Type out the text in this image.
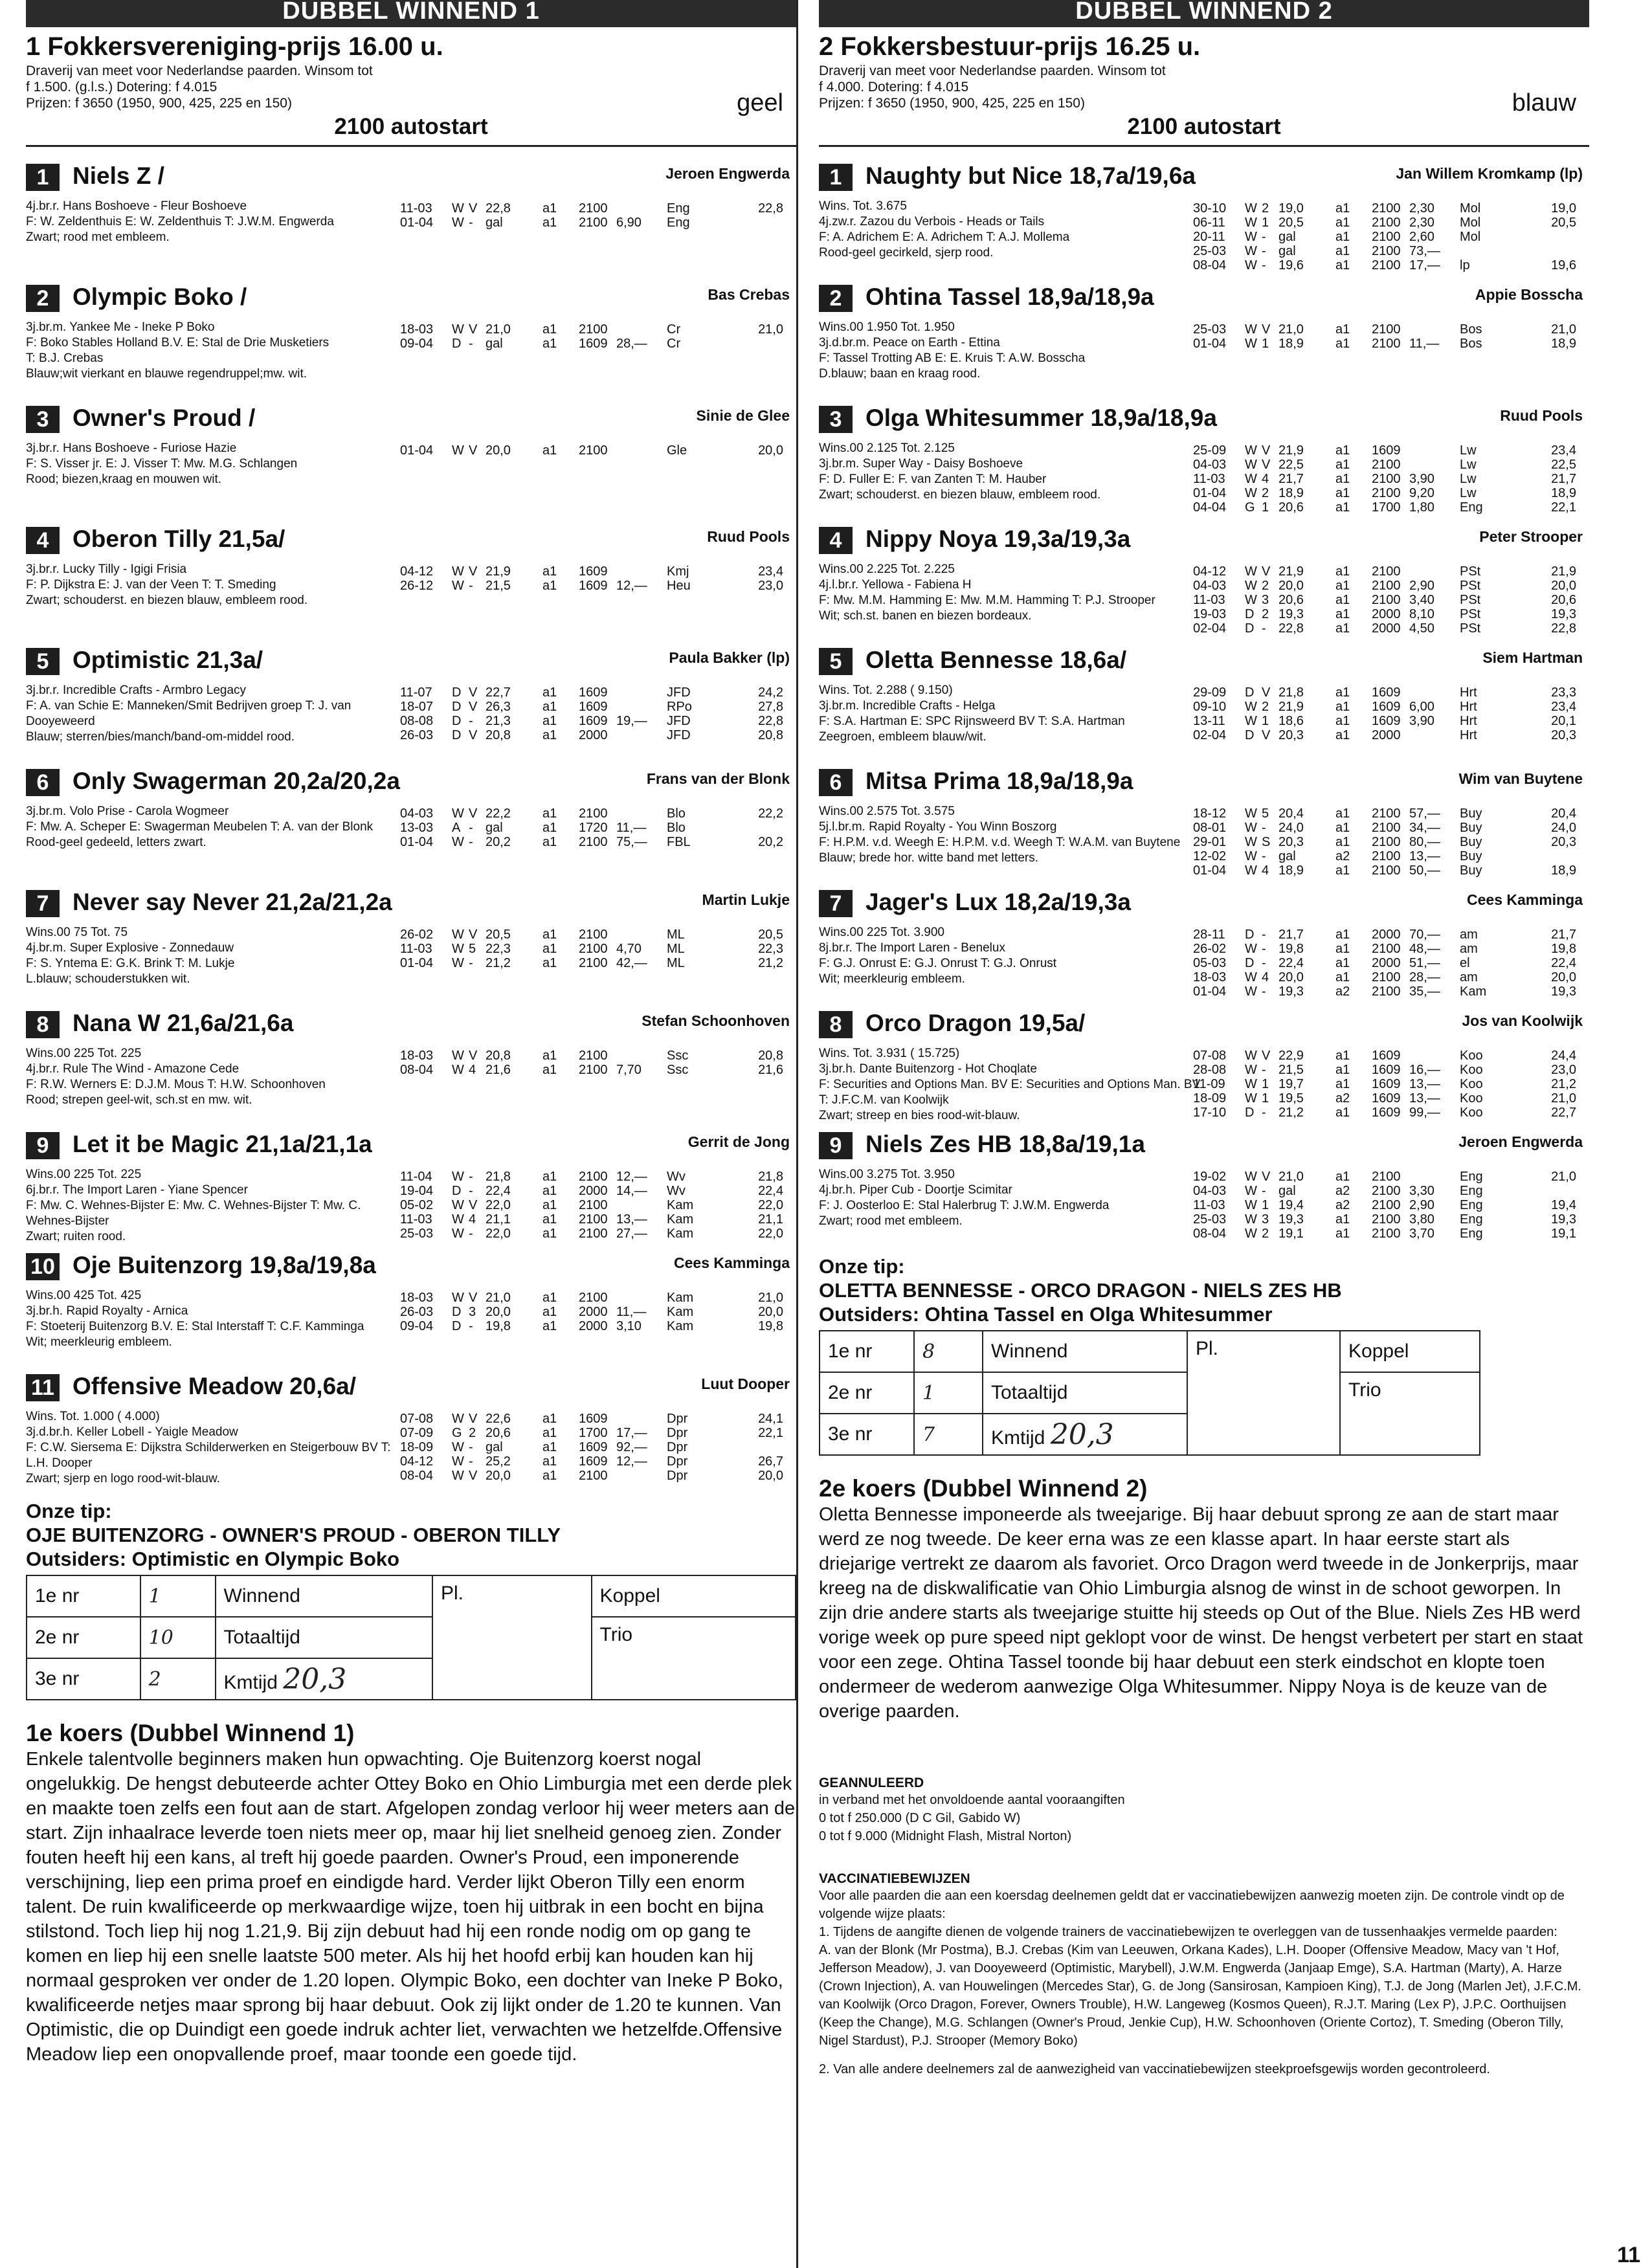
DUBBEL WINNEND 1
1 Fokkersvereniging-prijs 16.00 u.
Draverij van meet voor Nederlandse paarden. Winsom tot
f 1.500. (g.l.s.) Dotering: f 4.015
Prijzen: f 3650 (1950, 900, 425, 225 en 150)	geel
2100 autostart
1 Niels Z /	Jeroen Engwerda
4j.br.r. Hans Boshoeve - Fleur Boshoeve
F: W. Zeldenthuis E: W. Zeldenthuis T: J.W.M. Engwerda
Zwart; rood met embleem.
11-03	W	V	22,8	a1	2100		Eng	22,8
01-04	W	-	gal	a1	2100	6,90	Eng	
2 Olympic Boko /	Bas Crebas
3j.br.m. Yankee Me - Ineke P Boko
F: Boko Stables Holland B.V. E: Stal de Drie Musketiers
T: B.J. Crebas
Blauw;wit vierkant en blauwe regendruppel;mw. wit.
18-03	W	V	21,0	a1	2100		Cr	21,0
09-04	D	-	gal	a1	1609	28,—	Cr	
3 Owner's Proud /	Sinie de Glee
3j.br.r. Hans Boshoeve - Furiose Hazie
F: S. Visser jr. E: J. Visser T: Mw. M.G. Schlangen
Rood; biezen,kraag en mouwen wit.
01-04	W	V	20,0	a1	2100		Gle	20,0
4 Oberon Tilly 21,5a/	Ruud Pools
3j.br.r. Lucky Tilly - Igigi Frisia
F: P. Dijkstra E: J. van der Veen T: T. Smeding
Zwart; schouderst. en biezen blauw, embleem rood.
04-12	W	V	21,9	a1	1609		Kmj	23,4
26-12	W	-	21,5	a1	1609	12,—	Heu	23,0
5 Optimistic 21,3a/	Paula Bakker (lp)
3j.br.r. Incredible Crafts - Armbro Legacy
F: A. van Schie E: Manneken/Smit Bedrijven groep T: J. van Dooyeweerd
Blauw; sterren/bies/manch/band-om-middel rood.
11-07	D	V	22,7	a1	1609		JFD	24,2
18-07	D	V	26,3	a1	1609		RPo	27,8
08-08	D	-	21,3	a1	1609	19,—	JFD	22,8
26-03	D	V	20,8	a1	2000		JFD	20,8
6 Only Swagerman 20,2a/20,2a	Frans van der Blonk
3j.br.m. Volo Prise - Carola Wogmeer
F: Mw. A. Scheper E: Swagerman Meubelen T: A. van der Blonk
Rood-geel gedeeld, letters zwart.
04-03	W	V	22,2	a1	2100		Blo	22,2
13-03	A	-	gal	a1	1720	11,—	Blo	
01-04	W	-	20,2	a1	2100	75,—	FBL	20,2
7 Never say Never 21,2a/21,2a	Martin Lukje
Wins.00 75 Tot. 75
4j.br.m. Super Explosive - Zonnedauw
F: S. Yntema E: G.K. Brink T: M. Lukje
L.blauw; schouderstukken wit.
26-02	W	V	20,5	a1	2100		ML	20,5
11-03	W	5	22,3	a1	2100	4,70	ML	22,3
01-04	W	-	21,2	a1	2100	42,—	ML	21,2
8 Nana W 21,6a/21,6a	Stefan Schoonhoven
Wins.00 225 Tot. 225
4j.br.r. Rule The Wind - Amazone Cede
F: R.W. Werners E: D.J.M. Mous T: H.W. Schoonhoven
Rood; strepen geel-wit, sch.st en mw. wit.
18-03	W	V	20,8	a1	2100		Ssc	20,8
08-04	W	4	21,6	a1	2100	7,70	Ssc	21,6
9 Let it be Magic 21,1a/21,1a	Gerrit de Jong
Wins.00 225 Tot. 225
6j.br.r. The Import Laren - Yiane Spencer
F: Mw. C. Wehnes-Bijster E: Mw. C. Wehnes-Bijster T: Mw. C. Wehnes-Bijster
Zwart; ruiten rood.
11-04	W	-	21,8	a1	2100	12,—	Wv	21,8
19-04	D	-	22,4	a1	2000	14,—	Wv	22,4
05-02	W	V	22,0	a1	2100		Kam	22,0
11-03	W	4	21,1	a1	2100	13,—	Kam	21,1
25-03	W	-	22,0	a1	2100	27,—	Kam	22,0
10 Oje Buitenzorg 19,8a/19,8a	Cees Kamminga
Wins.00 425 Tot. 425
3j.br.h. Rapid Royalty - Arnica
F: Stoeterij Buitenzorg B.V. E: Stal Interstaff T: C.F. Kamminga
Wit; meerkleurig embleem.
18-03	W	V	21,0	a1	2100		Kam	21,0
26-03	D	3	20,0	a1	2000	11,—	Kam	20,0
09-04	D	-	19,8	a1	2000	3,10	Kam	19,8
11 Offensive Meadow 20,6a/	Luut Dooper
Wins. Tot. 1.000 ( 4.000)
3j.d.br.h. Keller Lobell - Yaigle Meadow
F: C.W. Siersema E: Dijkstra Schilderwerken en Steigerbouw BV T: L.H. Dooper
Zwart; sjerp en logo rood-wit-blauw.
07-08	W	V	22,6	a1	1609		Dpr	24,1
07-09	G	2	20,6	a1	1700	17,—	Dpr	22,1
18-09	W	-	gal	a1	1609	92,—	Dpr	
04-12	W	-	25,2	a1	1609	12,—	Dpr	26,7
08-04	W	V	20,0	a1	2100		Dpr	20,0
Onze tip:
OJE BUITENZORG - OWNER'S PROUD - OBERON TILLY
Outsiders: Optimistic en Olympic Boko
1e nr	1	Winnend	Pl.	Koppel
2e nr	10	Totaaltijd		Trio
3e nr	2	Kmtijd 20,3		
1e koers (Dubbel Winnend 1)
Enkele talentvolle beginners maken hun opwachting. Oje Buitenzorg koerst nogal ongelukkig. De hengst debuteerde achter Ottey Boko en Ohio Limburgia met een derde plek en maakte toen zelfs een fout aan de start. Afgelopen zondag verloor hij weer meters aan de start. Zijn inhaalrace leverde toen niets meer op, maar hij liet snelheid genoeg zien. Zonder fouten heeft hij een kans, al treft hij goede paarden. Owner's Proud, een imponerende verschijning, liep een prima proef en eindigde hard. Verder lijkt Oberon Tilly een enorm talent. De ruin kwalificeerde op merkwaardige wijze, toen hij uitbrak in een bocht en bijna stilstond. Toch liep hij nog 1.21,9. Bij zijn debuut had hij een ronde nodig om op gang te komen en liep hij een snelle laatste 500 meter. Als hij het hoofd erbij kan houden kan hij normaal gesproken ver onder de 1.20 lopen. Olympic Boko, een dochter van Ineke P Boko, kwalificeerde netjes maar sprong bij haar debuut. Ook zij lijkt onder de 1.20 te kunnen. Van Optimistic, die op Duindigt een goede indruk achter liet, verwachten we hetzelfde.Offensive Meadow liep een onopvallende proef, maar toonde een goede tijd.
DUBBEL WINNEND 2
2 Fokkersbestuur-prijs 16.25 u.
Draverij van meet voor Nederlandse paarden. Winsom tot
f 4.000. Dotering: f 4.015
Prijzen: f 3650 (1950, 900, 425, 225 en 150)	blauw
2100 autostart
1 Naughty but Nice 18,7a/19,6a	Jan Willem Kromkamp (lp)
Wins. Tot. 3.675
4j.zw.r. Zazou du Verbois - Heads or Tails
F: A. Adrichem E: A. Adrichem T: A.J. Mollema
Rood-geel gecirkeld, sjerp rood.
30-10	W	2	19,0	a1	2100	2,30	Mol	19,0
06-11	W	1	20,5	a1	2100	2,30	Mol	20,5
20-11	W	-	gal	a1	2100	2,60	Mol	
25-03	W	-	gal	a1	2100	73,—		
08-04	W	-	19,6	a1	2100	17,—	lp	19,6
2 Ohtina Tassel 18,9a/18,9a	Appie Bosscha
Wins.00 1.950 Tot. 1.950
3j.d.br.m. Peace on Earth - Ettina
F: Tassel Trotting AB E: E. Kruis T: A.W. Bosscha
D.blauw; baan en kraag rood.
25-03	W	V	21,0	a1	2100		Bos	21,0
01-04	W	1	18,9	a1	2100	11,—	Bos	18,9
3 Olga Whitesummer 18,9a/18,9a	Ruud Pools
Wins.00 2.125 Tot. 2.125
3j.br.m. Super Way - Daisy Boshoeve
F: D. Fuller E: F. van Zanten T: M. Hauber
Zwart; schouderst. en biezen blauw, embleem rood.
25-09	W	V	21,9	a1	1609		Lw	23,4
04-03	W	V	22,5	a1	2100		Lw	22,5
11-03	W	4	21,7	a1	2100	3,90	Lw	21,7
01-04	W	2	18,9	a1	2100	9,20	Lw	18,9
04-04	G	1	20,6	a1	1700	1,80	Eng	22,1
4 Nippy Noya 19,3a/19,3a	Peter Strooper
Wins.00 2.225 Tot. 2.225
4j.l.br.r. Yellowa - Fabiena H
F: Mw. M.M. Hamming E: Mw. M.M. Hamming T: P.J. Strooper
Wit; sch.st. banen en biezen bordeaux.
04-12	W	V	21,9	a1	2100		PSt	21,9
04-03	W	2	20,0	a1	2100	2,90	PSt	20,0
11-03	W	3	20,6	a1	2100	3,40	PSt	20,6
19-03	D	2	19,3	a1	2000	8,10	PSt	19,3
02-04	D	-	22,8	a1	2000	4,50	PSt	22,8
5 Oletta Bennesse 18,6a/	Siem Hartman
Wins. Tot. 2.288 ( 9.150)
3j.br.m. Incredible Crafts - Helga
F: S.A. Hartman E: SPC Rijnsweerd BV T: S.A. Hartman
Zeegroen, embleem blauw/wit.
29-09	D	V	21,8	a1	1609		Hrt	23,3
09-10	W	2	21,9	a1	1609	6,00	Hrt	23,4
13-11	W	1	18,6	a1	1609	3,90	Hrt	20,1
02-04	D	V	20,3	a1	2000		Hrt	20,3
6 Mitsa Prima 18,9a/18,9a	Wim van Buytene
Wins.00 2.575 Tot. 3.575
5j.l.br.m. Rapid Royalty - You Winn Boszorg
F: H.P.M. v.d. Weegh E: H.P.M. v.d. Weegh T: W.A.M. van Buytene
Blauw; brede hor. witte band met letters.
18-12	W	5	20,4	a1	2100	57,—	Buy	20,4
08-01	W	-	24,0	a1	2100	34,—	Buy	24,0
29-01	W	S	20,3	a1	2100	80,—	Buy	20,3
12-02	W	-	gal	a2	2100	13,—	Buy	
01-04	W	4	18,9	a1	2100	50,—	Buy	18,9
7 Jager's Lux 18,2a/19,3a	Cees Kamminga
Wins.00 225 Tot. 3.900
8j.br.r. The Import Laren - Benelux
F: G.J. Onrust E: G.J. Onrust T: G.J. Onrust
Wit; meerkleurig embleem.
28-11	D	-	21,7	a1	2000	70,—	am	21,7
26-02	W	-	19,8	a1	2100	48,—	am	19,8
05-03	D	-	22,4	a1	2000	51,—	el	22,4
18-03	W	4	20,0	a1	2100	28,—	am	20,0
01-04	W	-	19,3	a2	2100	35,—	Kam	19,3
8 Orco Dragon 19,5a/	Jos van Koolwijk
Wins. Tot. 3.931 ( 15.725)
3j.br.h. Dante Buitenzorg - Hot Choqlate
F: Securities and Options Man. BV E: Securities and Options Man. BV T: J.F.C.M. van Koolwijk
Zwart; streep en bies rood-wit-blauw.
07-08	W	V	22,9	a1	1609		Koo	24,4
28-08	W	-	21,5	a1	1609	16,—	Koo	23,0
11-09	W	1	19,7	a1	1609	13,—	Koo	21,2
18-09	W	1	19,5	a2	1609	13,—	Koo	21,0
17-10	D	-	21,2	a1	1609	99,—	Koo	22,7
9 Niels Zes HB 18,8a/19,1a	Jeroen Engwerda
Wins.00 3.275 Tot. 3.950
4j.br.h. Piper Cub - Doortje Scimitar
F: J. Oosterloo E: Stal Halerbrug T: J.W.M. Engwerda
Zwart; rood met embleem.
19-02	W	V	21,0	a1	2100		Eng	21,0
04-03	W	-	gal	a2	2100	3,30	Eng	
11-03	W	1	19,4	a2	2100	2,90	Eng	19,4
25-03	W	3	19,3	a1	2100	3,80	Eng	19,3
08-04	W	2	19,1	a1	2100	3,70	Eng	19,1
Onze tip:
OLETTA BENNESSE - ORCO DRAGON - NIELS ZES HB
Outsiders: Ohtina Tassel en Olga Whitesummer
1e nr	8	Winnend	Pl.	Koppel
2e nr	1	Totaaltijd		Trio
3e nr	7	Kmtijd 20,3		
2e koers (Dubbel Winnend 2)
Oletta Bennesse imponeerde als tweejarige. Bij haar debuut sprong ze aan de start maar werd ze nog tweede. De keer erna was ze een klasse apart. In haar eerste start als driejarige vertrekt ze daarom als favoriet. Orco Dragon werd tweede in de Jonkerprijs, maar kreeg na de diskwalificatie van Ohio Limburgia alsnog de winst in de schoot geworpen. In zijn drie andere starts als tweejarige stuitte hij steeds op Out of the Blue. Niels Zes HB werd vorige week op pure speed nipt geklopt voor de winst. De hengst verbetert per start en staat voor een zege. Ohtina Tassel toonde bij haar debuut een sterk eindschot en klopte toen ondermeer de wederom aanwezige Olga Whitesummer. Nippy Noya is de keuze van de overige paarden.
GEANNULEERD
in verband met het onvoldoende aantal vooraangiften
0 tot f 250.000 (D C Gil, Gabido W)
0 tot f 9.000 (Midnight Flash, Mistral Norton)
VACCINATIEBEWIJZEN
Voor alle paarden die aan een koersdag deelnemen geldt dat er vaccinatiebewijzen aanwezig moeten zijn. De controle vindt op de volgende wijze plaats:
1. Tijdens de aangifte dienen de volgende trainers de vaccinatiebewijzen te overleggen van de tussenhaakjes vermelde paarden:
A. van der Blonk (Mr Postma), B.J. Crebas (Kim van Leeuwen, Orkana Kades), L.H. Dooper (Offensive Meadow, Macy van 't Hof, Jefferson Meadow), J. van Dooyeweerd (Optimistic, Marybell), J.W.M. Engwerda (Janjaap Emge), S.A. Hartman (Marty), A. Harze (Crown Injection), A. van Houwelingen (Mercedes Star), G. de Jong (Sansirosan, Kampioen King), T.J. de Jong (Marlen Jet), J.F.C.M. van Koolwijk (Orco Dragon, Forever, Owners Trouble), H.W. Langeweg (Kosmos Queen), R.J.T. Maring (Lex P), J.P.C. Oorthuijsen (Keep the Change), M.G. Schlangen (Owner's Proud, Jenkie Cup), H.W. Schoonhoven (Oriente Cortoz), T. Smeding (Oberon Tilly, Nigel Stardust), P.J. Strooper (Memory Boko)
2. Van alle andere deelnemers zal de aanwezigheid van vaccinatiebewijzen steekproefsgewijs worden gecontroleerd.
11
